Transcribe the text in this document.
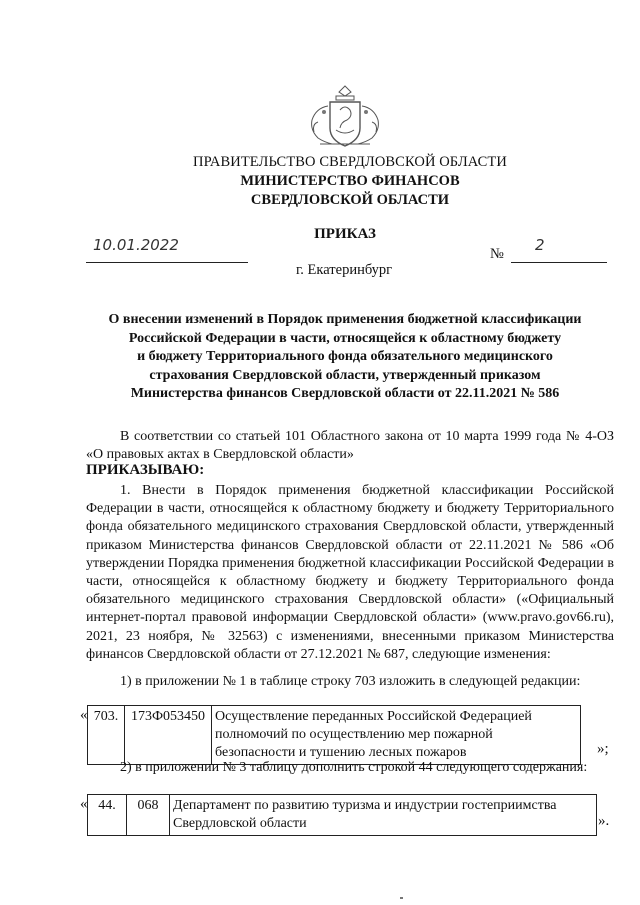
ПРАВИТЕЛЬСТВО СВЕРДЛОВСКОЙ ОБЛАСТИ
МИНИСТЕРСТВО ФИНАНСОВ
СВЕРДЛОВСКОЙ ОБЛАСТИ
ПРИКАЗ
10.01.2022	№ 2
г. Екатеринбург
О внесении изменений в Порядок применения бюджетной классификации
Российской Федерации в части, относящейся к областному бюджету
и бюджету Территориального фонда обязательного медицинского
страхования Свердловской области, утвержденный приказом
Министерства финансов Свердловской области от 22.11.2021 № 586
В соответствии со статьей 101 Областного закона от 10 марта 1999 года № 4-ОЗ «О правовых актах в Свердловской области»
ПРИКАЗЫВАЮ:
1. Внести в Порядок применения бюджетной классификации Российской Федерации в части, относящейся к областному бюджету и бюджету Территориального фонда обязательного медицинского страхования Свердловской области, утвержденный приказом Министерства финансов Свердловской области от 22.11.2021 № 586 «Об утверждении Порядка применения бюджетной классификации Российской Федерации в части, относящейся к областному бюджету и бюджету Территориального фонда обязательного медицинского страхования Свердловской области» («Официальный интернет-портал правовой информации Свердловской области» (www.pravo.gov66.ru), 2021, 23 ноября, № 32563) с изменениями, внесенными приказом Министерства финансов Свердловской области от 27.12.2021 № 687, следующие изменения:
1) в приложении № 1 в таблице строку 703 изложить в следующей редакции:
« 703.	173Ф053450	Осуществление переданных Российской Федерацией
полномочий по осуществлению мер пожарной
безопасности и тушению лесных пожаров	»;
2) в приложении № 3 таблицу дополнить строкой 44 следующего содержания:
« 44.	068	Департамент по развитию туризма и индустрии гостеприимства
Свердловской области	».
